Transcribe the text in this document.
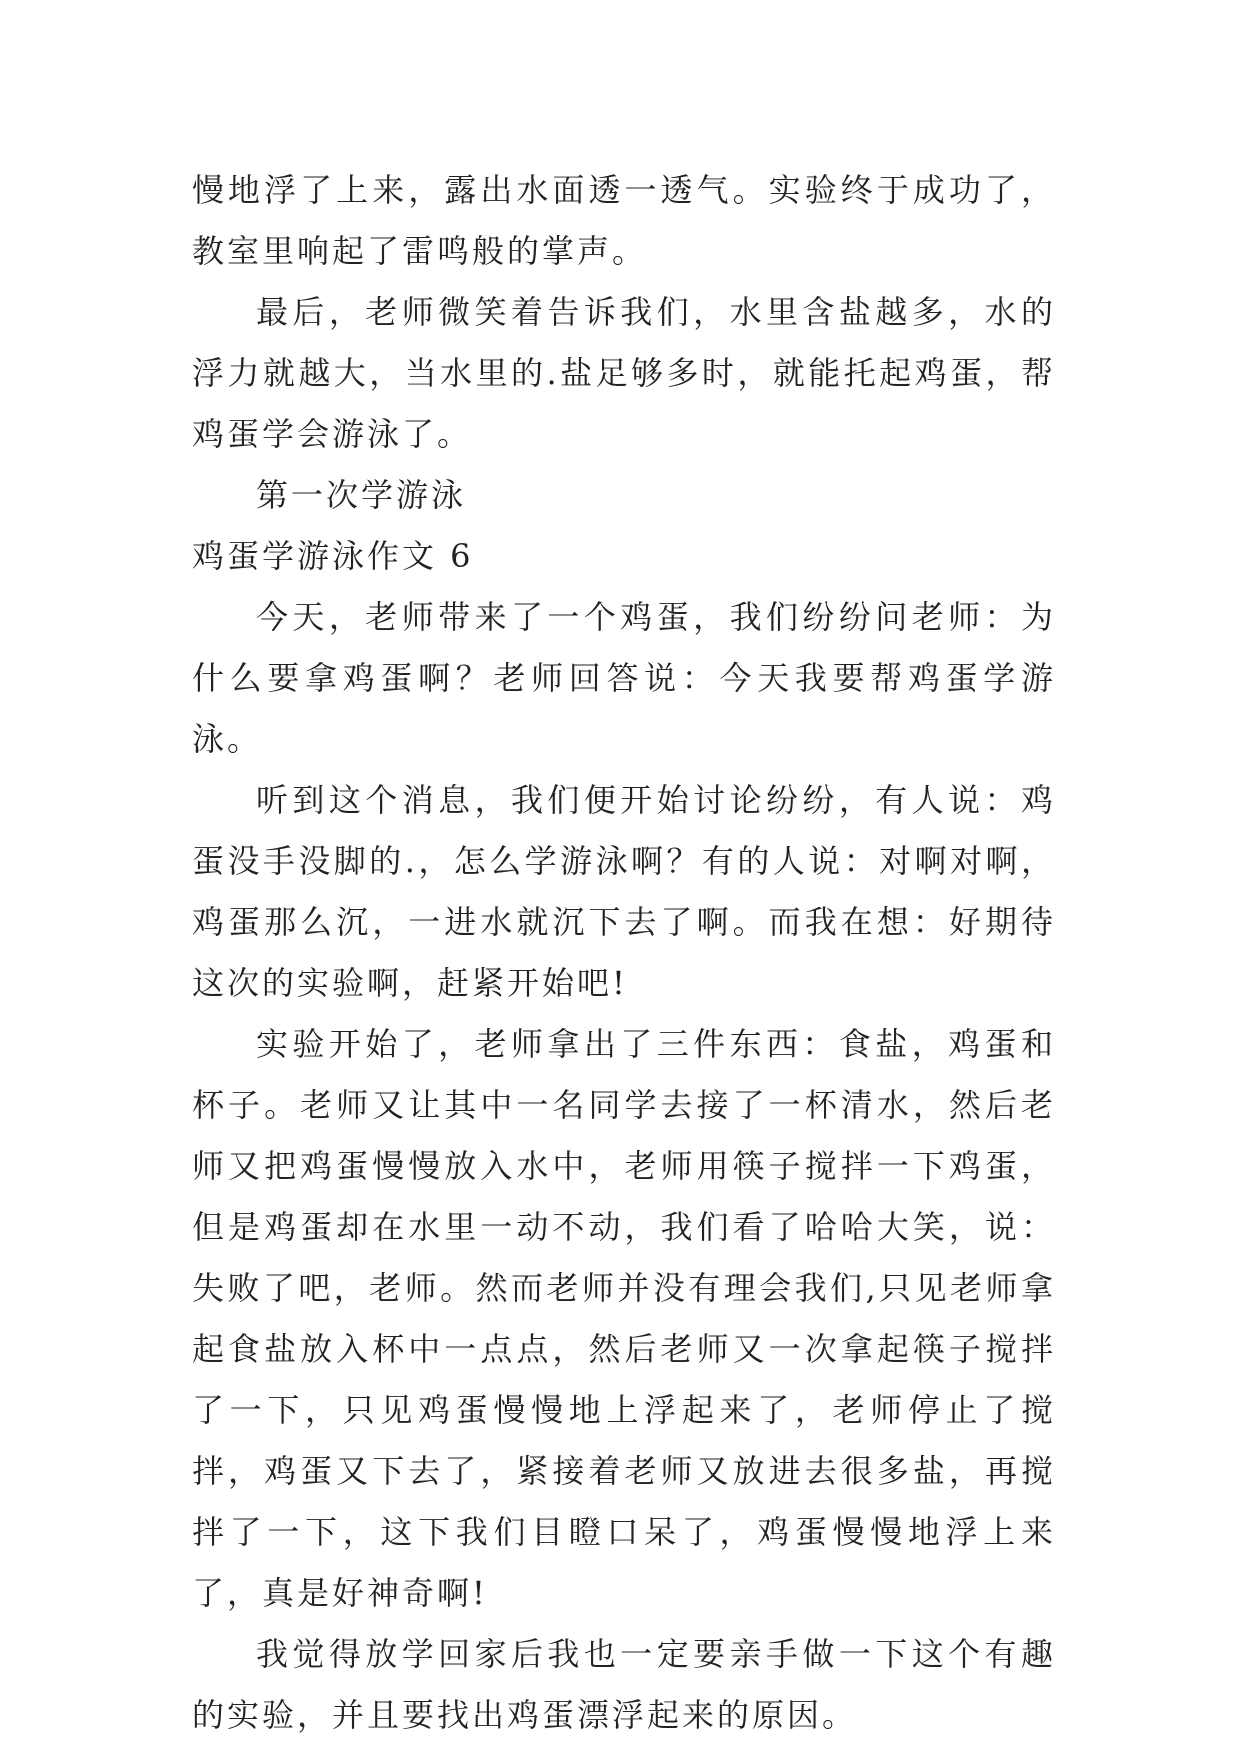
慢地浮了上来，露出水面透一透气。实验终于成功了，教室里响起了雷鸣般的掌声。

最后，老师微笑着告诉我们，水里含盐越多，水的浮力就越大，当水里的.盐足够多时，就能托起鸡蛋，帮鸡蛋学会游泳了。

第一次学游泳

鸡蛋学游泳作文 6

今天，老师带来了一个鸡蛋，我们纷纷问老师：为什么要拿鸡蛋啊？老师回答说：今天我要帮鸡蛋学游泳。

听到这个消息，我们便开始讨论纷纷，有人说：鸡蛋没手没脚的.，怎么学游泳啊？有的人说：对啊对啊，鸡蛋那么沉，一进水就沉下去了啊。而我在想：好期待这次的实验啊，赶紧开始吧!

实验开始了，老师拿出了三件东西：食盐，鸡蛋和杯子。老师又让其中一名同学去接了一杯清水，然后老师又把鸡蛋慢慢放入水中，老师用筷子搅拌一下鸡蛋，但是鸡蛋却在水里一动不动，我们看了哈哈大笑，说：失败了吧，老师。然而老师并没有理会我们,只见老师拿起食盐放入杯中一点点，然后老师又一次拿起筷子搅拌了一下，只见鸡蛋慢慢地上浮起来了，老师停止了搅拌，鸡蛋又下去了，紧接着老师又放进去很多盐，再搅拌了一下，这下我们目瞪口呆了，鸡蛋慢慢地浮上来了，真是好神奇啊!

我觉得放学回家后我也一定要亲手做一下这个有趣的实验，并且要找出鸡蛋漂浮起来的原因。
